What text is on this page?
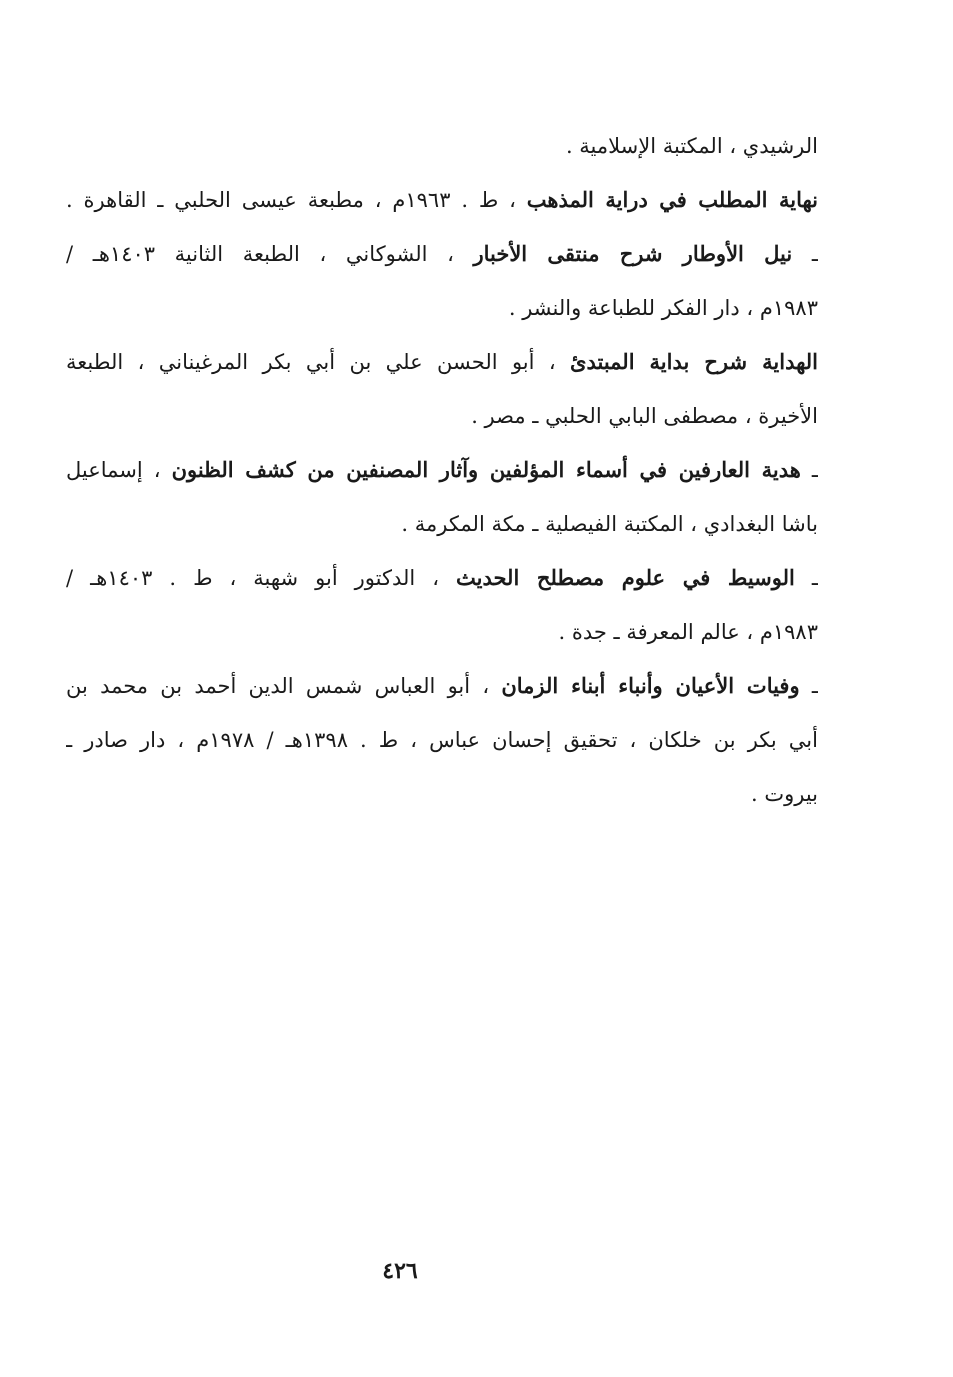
الرشيدي ، المكتبة الإسلامية .
نهاية المطلب في دراية المذهب ، ط . ١٩٦٣م ، مطبعة عيسى الحلبي ـ القاهرة .
ـ نيل الأوطار شرح منتقى الأخبار ، الشوكاني ، الطبعة الثانية ١٤٠٣هـ /
١٩٨٣م ، دار الفكر للطباعة والنشر .
الهداية شرح بداية المبتدئ ، أبو الحسن علي بن أبي بكر المرغيناني ، الطبعة
الأخيرة ، مصطفى البابي الحلبي ـ مصر .
ـ هدية العارفين في أسماء المؤلفين وآثار المصنفين من كشف الظنون ، إسماعيل
باشا البغدادي ، المكتبة الفيصلية ـ مكة المكرمة .
ـ الوسيط في علوم مصطلح الحديث ، الدكتور أبو شهبة ، ط . ١٤٠٣هـ /
١٩٨٣م ، عالم المعرفة ـ جدة .
ـ وفيات الأعيان وأنباء أبناء الزمان ، أبو العباس شمس الدين أحمد بن محمد بن
أبي بكر بن خلكان ، تحقيق إحسان عباس ، ط . ١٣٩٨هـ / ١٩٧٨م ، دار صادر ـ
بيروت .
٤٢٦
